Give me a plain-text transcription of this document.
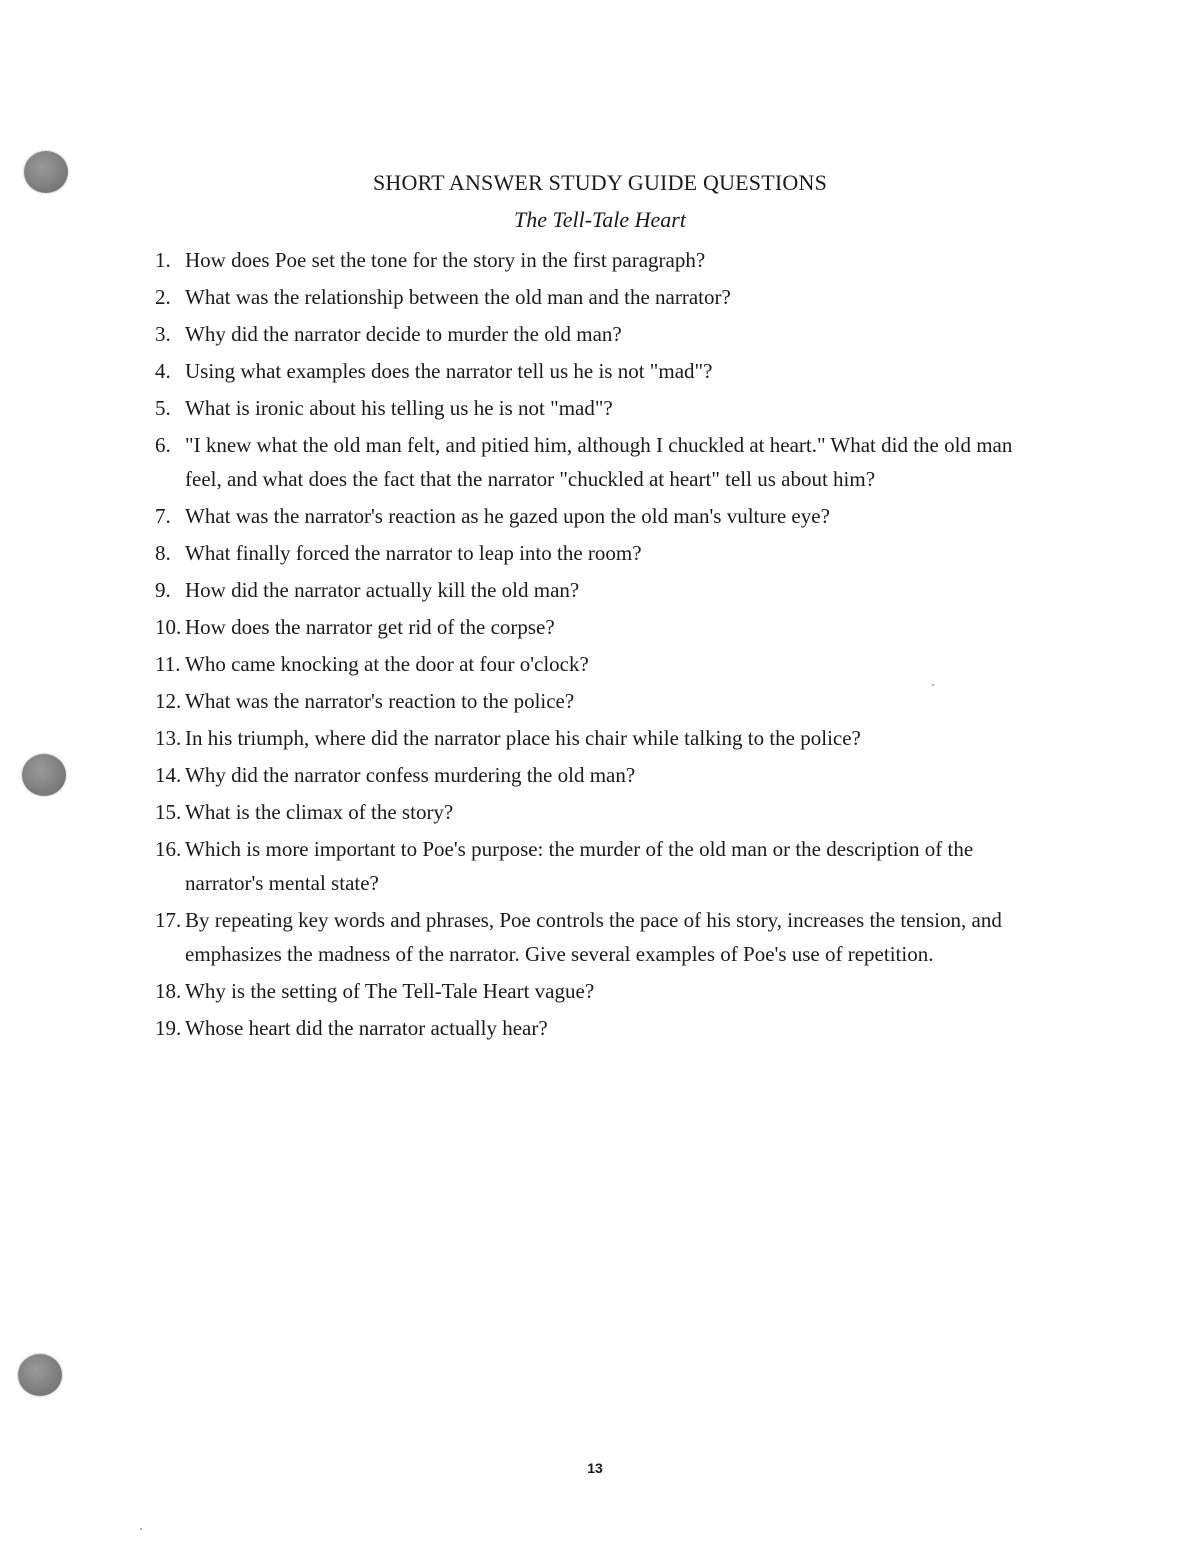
SHORT ANSWER STUDY GUIDE QUESTIONS
The Tell-Tale Heart
1. How does Poe set the tone for the story in the first paragraph?
2. What was the relationship between the old man and the narrator?
3. Why did the narrator decide to murder the old man?
4. Using what examples does the narrator tell us he is not "mad"?
5. What is ironic about his telling us he is not "mad"?
6. "I knew what the old man felt, and pitied him, although I chuckled at heart." What did the old man feel, and what does the fact that the narrator "chuckled at heart" tell us about him?
7. What was the narrator's reaction as he gazed upon the old man's vulture eye?
8. What finally forced the narrator to leap into the room?
9. How did the narrator actually kill the old man?
10. How does the narrator get rid of the corpse?
11. Who came knocking at the door at four o'clock?
12. What was the narrator's reaction to the police?
13. In his triumph, where did the narrator place his chair while talking to the police?
14. Why did the narrator confess murdering the old man?
15. What is the climax of the story?
16. Which is more important to Poe's purpose: the murder of the old man or the description of the narrator's mental state?
17. By repeating key words and phrases, Poe controls the pace of his story, increases the tension, and emphasizes the madness of the narrator. Give several examples of Poe's use of repetition.
18. Why is the setting of The Tell-Tale Heart vague?
19. Whose heart did the narrator actually hear?
13
